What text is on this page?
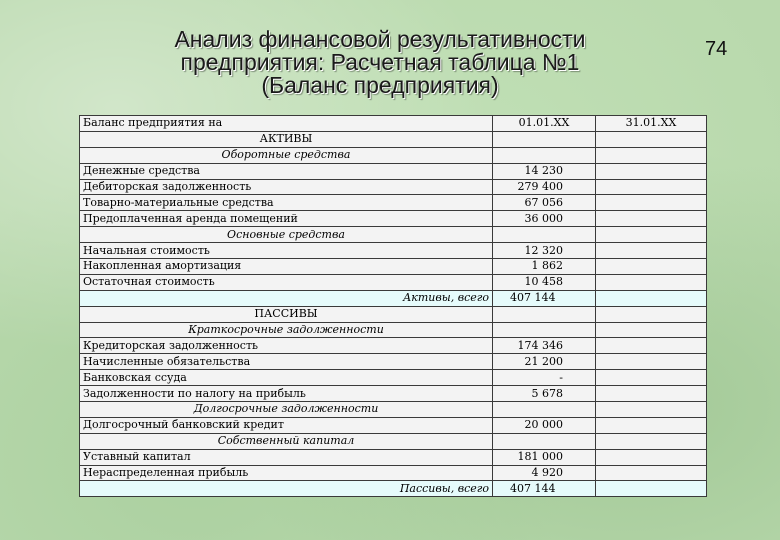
Анализ финансовой результативности
предприятия: Расчетная таблица №1
(Баланс предприятия)
74
Баланс предприятия на	01.01.XX	31.01.XX
АКТИВЫ		
Оборотные средства		
Денежные средства	14 230	
Дебиторская задолженность	279 400	
Товарно-материальные средства	67 056	
Предоплаченная аренда помещений	36 000	
Основные средства		
Начальная стоимость	12 320	
Накопленная амортизация	1 862	
Остаточная стоимость	10 458	
Активы, всего	407 144	
ПАССИВЫ		
Краткосрочные задолженности		
Кредиторская задолженность	174 346	
Начисленные обязательства	21 200	
Банковская ссуда	-	
Задолженности по налогу на прибыль	5 678	
Долгосрочные задолженности		
Долгосрочный банковский кредит	20 000	
Собственный капитал		
Уставный капитал	181 000	
Нераспределенная прибыль	4 920	
Пассивы, всего	407 144	
